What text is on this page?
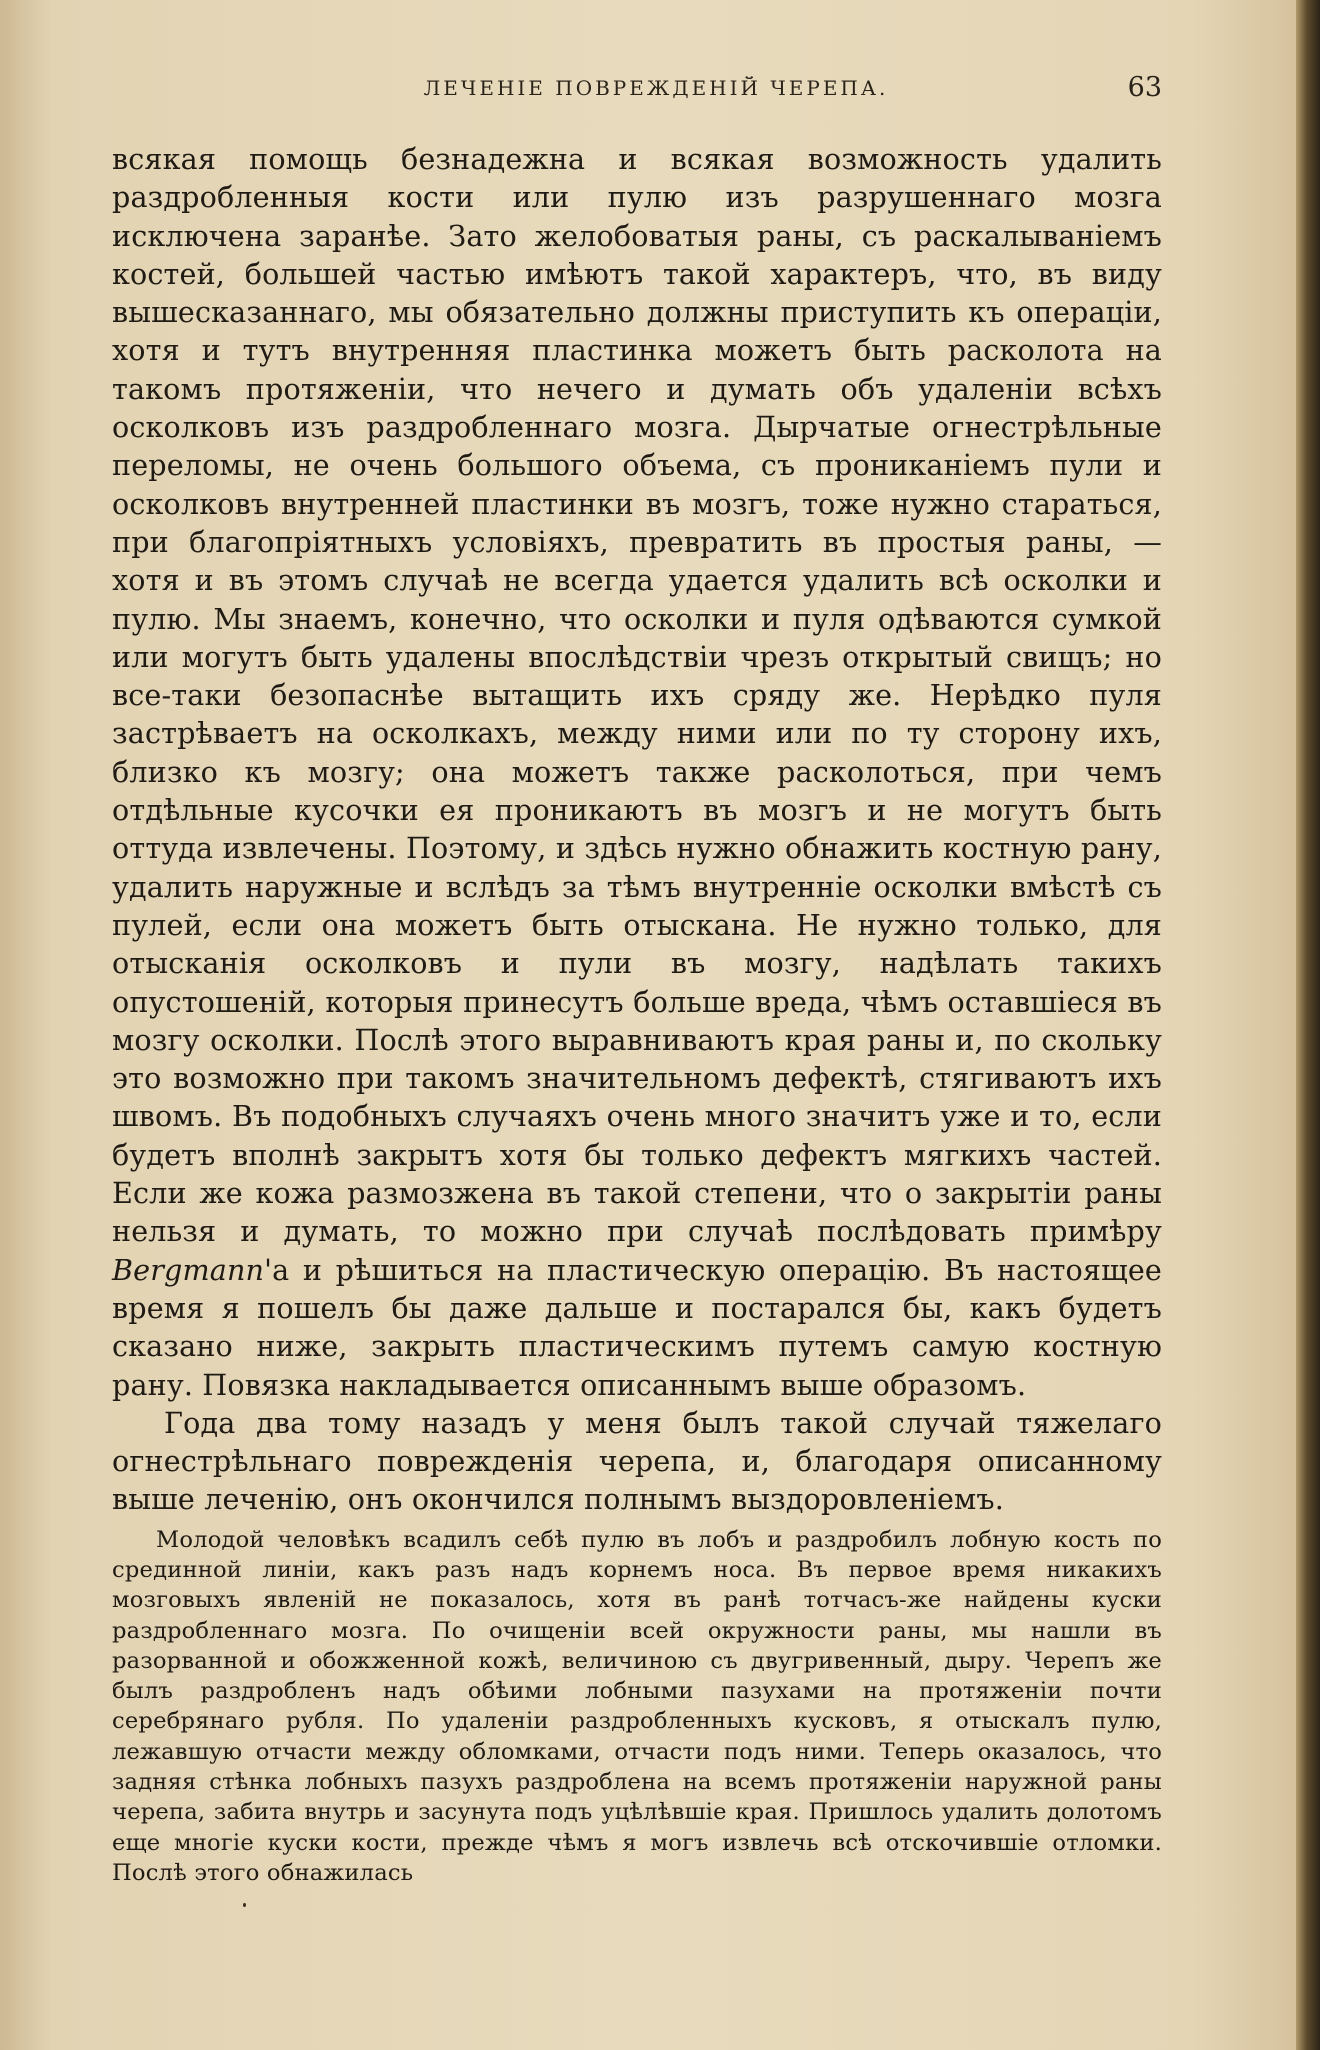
ЛЕЧЕНІЕ ПОВРЕЖДЕНІЙ ЧЕРЕПА.	63

всякая помощь безнадежна и всякая возможность удалить раздробленныя кости или пулю изъ разрушеннаго мозга исключена заранѣе. Зато желобоватыя раны, съ раскалываніемъ костей, большей частью имѣютъ такой характеръ, что, въ виду вышесказаннаго, мы обязательно должны приступить къ операціи, хотя и тутъ внутренняя пластинка можетъ быть расколота на такомъ протяженіи, что нечего и думать объ удаленіи всѣхъ осколковъ изъ раздробленнаго мозга. Дырчатые огнестрѣльные переломы, не очень большого объема, съ проникaніемъ пули и осколковъ внутренней пластинки въ мозгъ, тоже нужно стараться, при благопріятныхъ условіяхъ, превратить въ простыя раны, — хотя и въ этомъ случаѣ не всегда удается удалить всѣ осколки и пулю. Мы знаемъ, конечно, что осколки и пуля одѣваются сумкой или могутъ быть удалены впослѣдствіи чрезъ открытый свищъ; но все-таки безопаснѣе вытащить ихъ сряду же. Нерѣдко пуля застрѣваетъ на осколкахъ, между ними или по ту сторону ихъ, близко къ мозгу; она можетъ также расколоться, при чемъ отдѣльные кусочки ея проникаютъ въ мозгъ и не могутъ быть оттуда извлечены. Поэтому, и здѣсь нужно обнажить костную рану, удалить наружные и вслѣдъ за тѣмъ внутренніе осколки вмѣстѣ съ пулей, если она можетъ быть отыскана. Не нужно только, для отысканія осколковъ и пули въ мозгу, надѣлать такихъ опустошеній, которыя принесутъ больше вреда, чѣмъ оставшіеся въ мозгу осколки. Послѣ этого выравниваютъ края раны и, по скольку это возможно при такомъ значительномъ дефектѣ, стягиваютъ ихъ швомъ. Въ подобныхъ случаяхъ очень много значитъ уже и то, если будетъ вполнѣ закрытъ хотя бы только дефектъ мягкихъ частей. Если же кожа размозжена въ такой степени, что о закрытіи раны нельзя и думать, то можно при случаѣ послѣдовать примѣру Bergmann'а и рѣшиться на пластическую операцію. Въ настоящее время я пошелъ бы даже дальше и постарался бы, какъ будетъ сказано ниже, закрыть пластическимъ путемъ самую костную рану. Повязка накладывается описаннымъ выше образомъ.

Года два тому назадъ у меня былъ такой случай тяжелаго огнестрѣльнаго поврежденія черепа, и, благодаря описанному выше леченію, онъ окончился полнымъ выздоровленіемъ.

Молодой человѣкъ всадилъ себѣ пулю въ лобъ и раздробилъ лобную кость по срединной линіи, какъ разъ надъ корнемъ носа. Въ первое время никакихъ мозговыхъ явленій не показалось, хотя въ ранѣ тотчасъ-же найдены куски раздробленнаго мозга. По очищеніи всей окружности раны, мы нашли въ разорванной и обожженной кожѣ, величиною съ двугривенный, дыру. Черепъ же былъ раздробленъ надъ обѣими лобными пазухами на протяженіи почти серебрянаго рубля. По удаленіи раздробленныхъ кусковъ, я отыскалъ пулю, лежавшую отчасти между обломками, отчасти подъ ними. Теперь оказалось, что задняя стѣнка лобныхъ пазухъ раздроблена на всемъ протяженіи наружной раны черепа, забита внутрь и засунута подъ уцѣлѣвшіе края. Пришлось удалить долотомъ еще многіе куски кости, прежде чѣмъ я могъ извлечь всѣ отскочившіе отломки. Послѣ этого обнажилась
